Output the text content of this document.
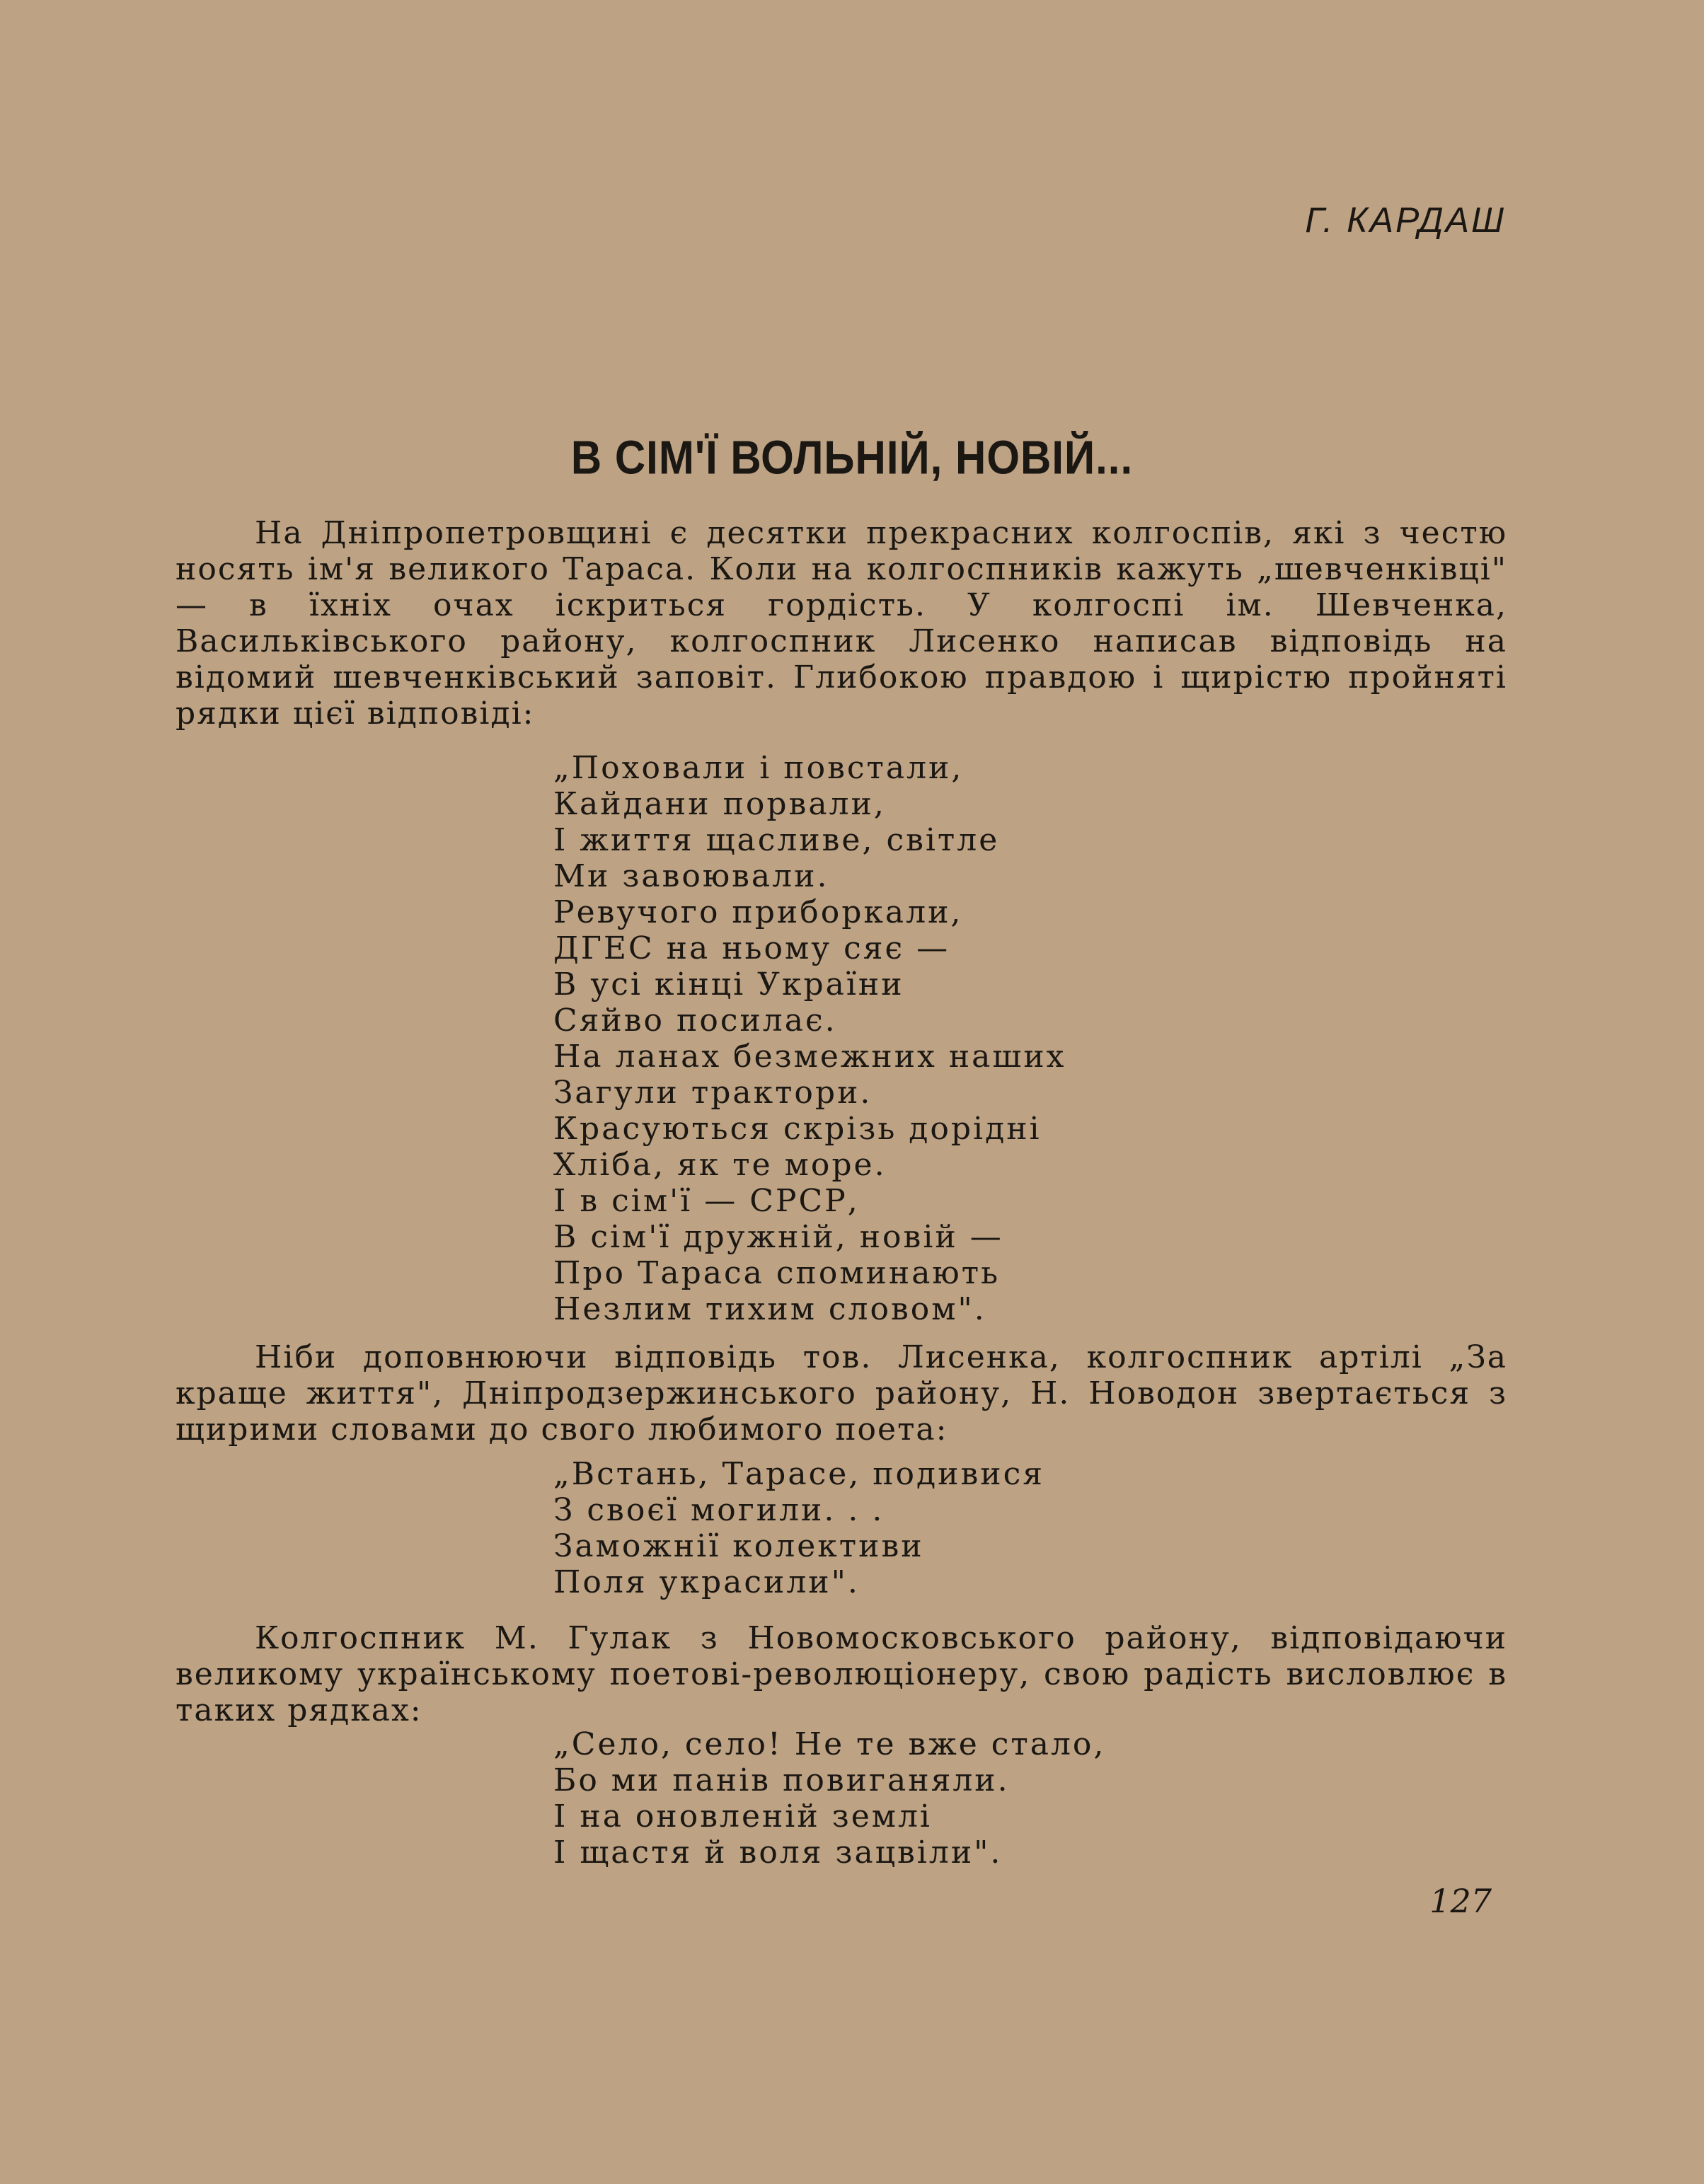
Г. КАРДАШ
В СІМ'Ї ВОЛЬНІЙ, НОВІЙ...

На Дніпропетровщині є десятки прекрасних колгоспів, які з честю носять ім'я великого Тараса. Коли на колгоспників кажуть „шевченківці" — в їхніх очах іскриться гордість. У колгоспі ім. Шевченка, Васильківського району, колгоспник Лисенко написав відповідь на відомий шевченківський заповіт. Глибокою правдою і щирістю пройняті рядки цієї відповіді:

„Поховали і повстали,
Кайдани порвали,
І життя щасливе, світле
Ми завоювали.
Ревучого приборкали,
ДГЕС на ньому сяє —
В усі кінці України
Сяйво посилає.
На ланах безмежних наших
Загули трактори.
Красуються скрізь дорідні
Хліба, як те море.
І в сім'ї — СРСР,
В сім'ї дружній, новій —
Про Тараса споминають
Незлим тихим словом".

Ніби доповнюючи відповідь тов. Лисенка, колгоспник артілі „За краще життя", Дніпродзержинського району, Н. Новодон звертається з щирими словами до свого любимого поета:

„Встань, Тарасе, подивися
З своєї могили. . .
Заможнії колективи
Поля украсили".

Колгоспник М. Гулак з Новомосковського району, відповідаючи великому українському поетові-революціонеру, свою радість висловлює в таких рядках:

„Село, село! Не те вже стало,
Бо ми панів повиганяли.
І на оновленій землі
І щастя й воля зацвіли".

127
